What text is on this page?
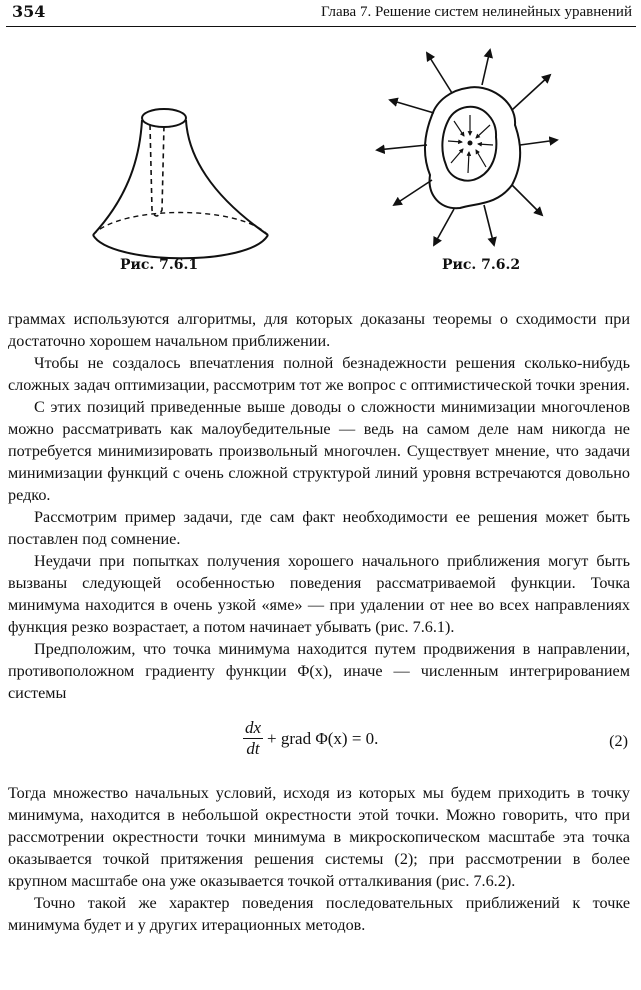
354	Глава 7. Решение систем нелинейных уравнений
Рис. 7.6.1	Рис. 7.6.2

граммах используются алгоритмы, для которых доказаны теоремы о сходимости при достаточно хорошем начальном приближении.

Чтобы не создалось впечатления полной безнадежности решения сколько-нибудь сложных задач оптимизации, рассмотрим тот же вопрос с оптимистической точки зрения.

С этих позиций приведенные выше доводы о сложности минимизации многочленов можно рассматривать как малоубедительные — ведь на самом деле нам никогда не потребуется минимизировать произвольный многочлен. Существует мнение, что задачи минимизации функций с очень сложной структурой линий уровня встречаются довольно редко.

Рассмотрим пример задачи, где сам факт необходимости ее решения может быть поставлен под сомнение.

Неудачи при попытках получения хорошего начального приближения могут быть вызваны следующей особенностью поведения рассматриваемой функции. Точка минимума находится в очень узкой «яме» — при удалении от нее во всех направлениях функция резко возрастает, а потом начинает убывать (рис. 7.6.1).

Предположим, что точка минимума находится путем продвижения в направлении, противоположном градиенту функции Φ(x), иначе — численным интегрированием системы

$\frac{dx}{dt}$ + grad Φ(x) = 0.	(2)

Тогда множество начальных условий, исходя из которых мы будем приходить в точку минимума, находится в небольшой окрестности этой точки. Можно говорить, что при рассмотрении окрестности точки минимума в микроскопическом масштабе эта точка оказывается точкой притяжения решения системы (2); при рассмотрении в более крупном масштабе она уже оказывается точкой отталкивания (рис. 7.6.2).

Точно такой же характер поведения последовательных приближений к точке минимума будет и у других итерационных методов.
